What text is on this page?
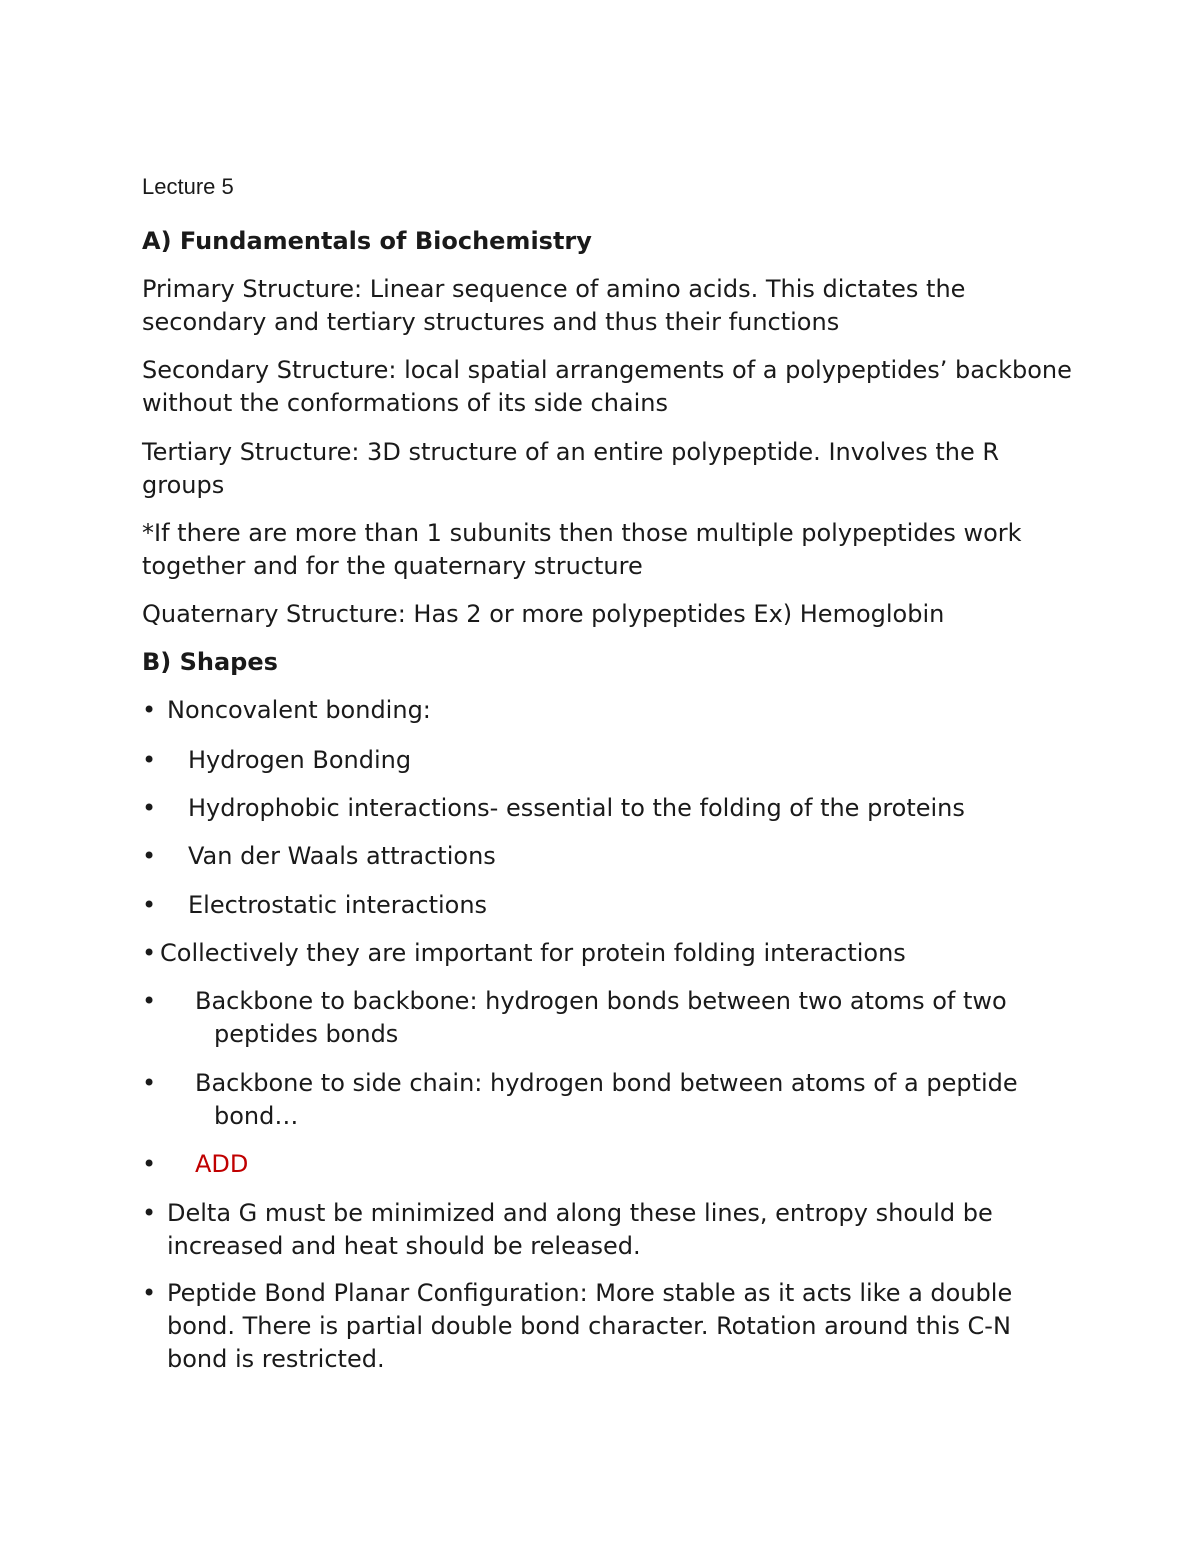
Lecture 5
A) Fundamentals of Biochemistry
Primary Structure: Linear sequence of amino acids. This dictates the
secondary and tertiary structures and thus their functions
Secondary Structure: local spatial arrangements of a polypeptides’ backbone
without the conformations of its side chains
Tertiary Structure: 3D structure of an entire polypeptide. Involves the R
groups
*If there are more than 1 subunits then those multiple polypeptides work
together and for the quaternary structure
Quaternary Structure: Has 2 or more polypeptides Ex) Hemoglobin
B) Shapes
• Noncovalent bonding:
• Hydrogen Bonding
• Hydrophobic interactions- essential to the folding of the proteins
• Van der Waals attractions
• Electrostatic interactions
• Collectively they are important for protein folding interactions
• Backbone to backbone: hydrogen bonds between two atoms of two
peptides bonds
• Backbone to side chain: hydrogen bond between atoms of a peptide
bond…
• ADD
• Delta G must be minimized and along these lines, entropy should be
increased and heat should be released.
• Peptide Bond Planar Configuration: More stable as it acts like a double
bond. There is partial double bond character. Rotation around this C-N
bond is restricted.
